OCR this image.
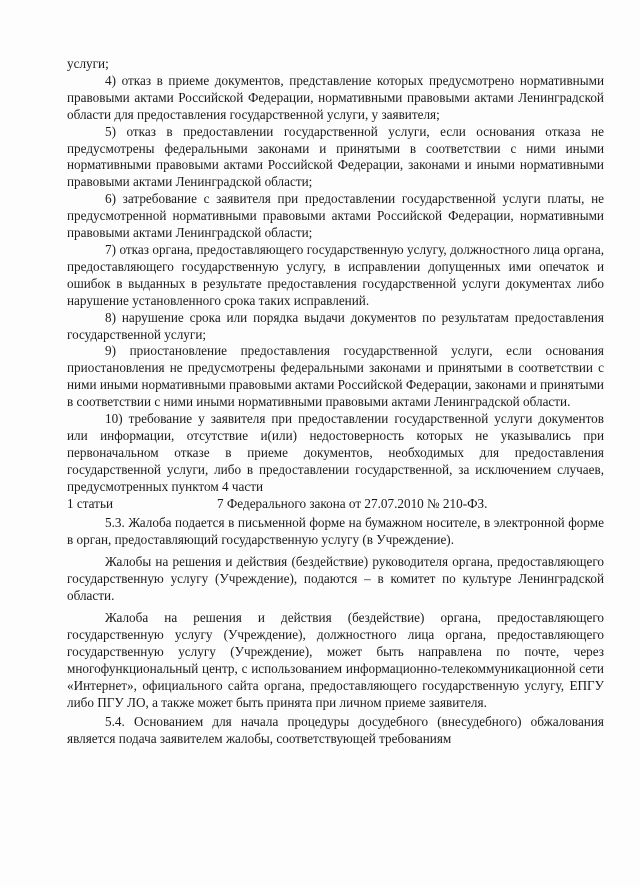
услуги;

4) отказ в приеме документов, представление которых предусмотрено нормативными правовыми актами Российской Федерации, нормативными правовыми актами Ленинградской области для предоставления государственной услуги, у заявителя;

5) отказ в предоставлении государственной услуги, если основания отказа не предусмотрены федеральными законами и принятыми в соответствии с ними иными нормативными правовыми актами Российской Федерации, законами и иными нормативными правовыми актами Ленинградской области;

6) затребование с заявителя при предоставлении государственной услуги платы, не предусмотренной нормативными правовыми актами Российской Федерации, нормативными правовыми актами Ленинградской области;

7) отказ органа, предоставляющего государственную услугу, должностного лица органа, предоставляющего государственную услугу, в исправлении допущенных ими опечаток и ошибок в выданных в результате предоставления государственной услуги документах либо нарушение установленного срока таких исправлений.

8) нарушение срока или порядка выдачи документов по результатам предоставления государственной услуги;

9) приостановление предоставления государственной услуги, если основания приостановления не предусмотрены федеральными законами и принятыми в соответствии с ними иными нормативными правовыми актами Российской Федерации, законами и принятыми в соответствии с ними иными нормативными правовыми актами Ленинградской области.

10) требование у заявителя при предоставлении государственной услуги документов или информации, отсутствие и(или) недостоверность которых не указывались при первоначальном отказе в приеме документов, необходимых для предоставления государственной услуги, либо в предоставлении государственной, за исключением случаев, предусмотренных пунктом 4 части

1 статьи	7 Федерального закона от 27.07.2010 № 210-ФЗ.

5.3. Жалоба подается в письменной форме на бумажном носителе, в электронной форме в орган, предоставляющий государственную услугу (в Учреждение).

Жалобы на решения и действия (бездействие) руководителя органа, предоставляющего государственную услугу (Учреждение), подаются – в комитет по культуре Ленинградской области.

Жалоба на решения и действия (бездействие) органа, предоставляющего государственную услугу (Учреждение), должностного лица органа, предоставляющего государственную услугу (Учреждение), может быть направлена по почте, через многофункциональный центр, с использованием информационно-телекоммуникационной сети «Интернет», официального сайта органа, предоставляющего государственную услугу, ЕПГУ либо ПГУ ЛО, а также может быть принята при личном приеме заявителя.

5.4. Основанием для начала процедуры досудебного (внесудебного) обжалования является подача заявителем жалобы, соответствующей требованиям
